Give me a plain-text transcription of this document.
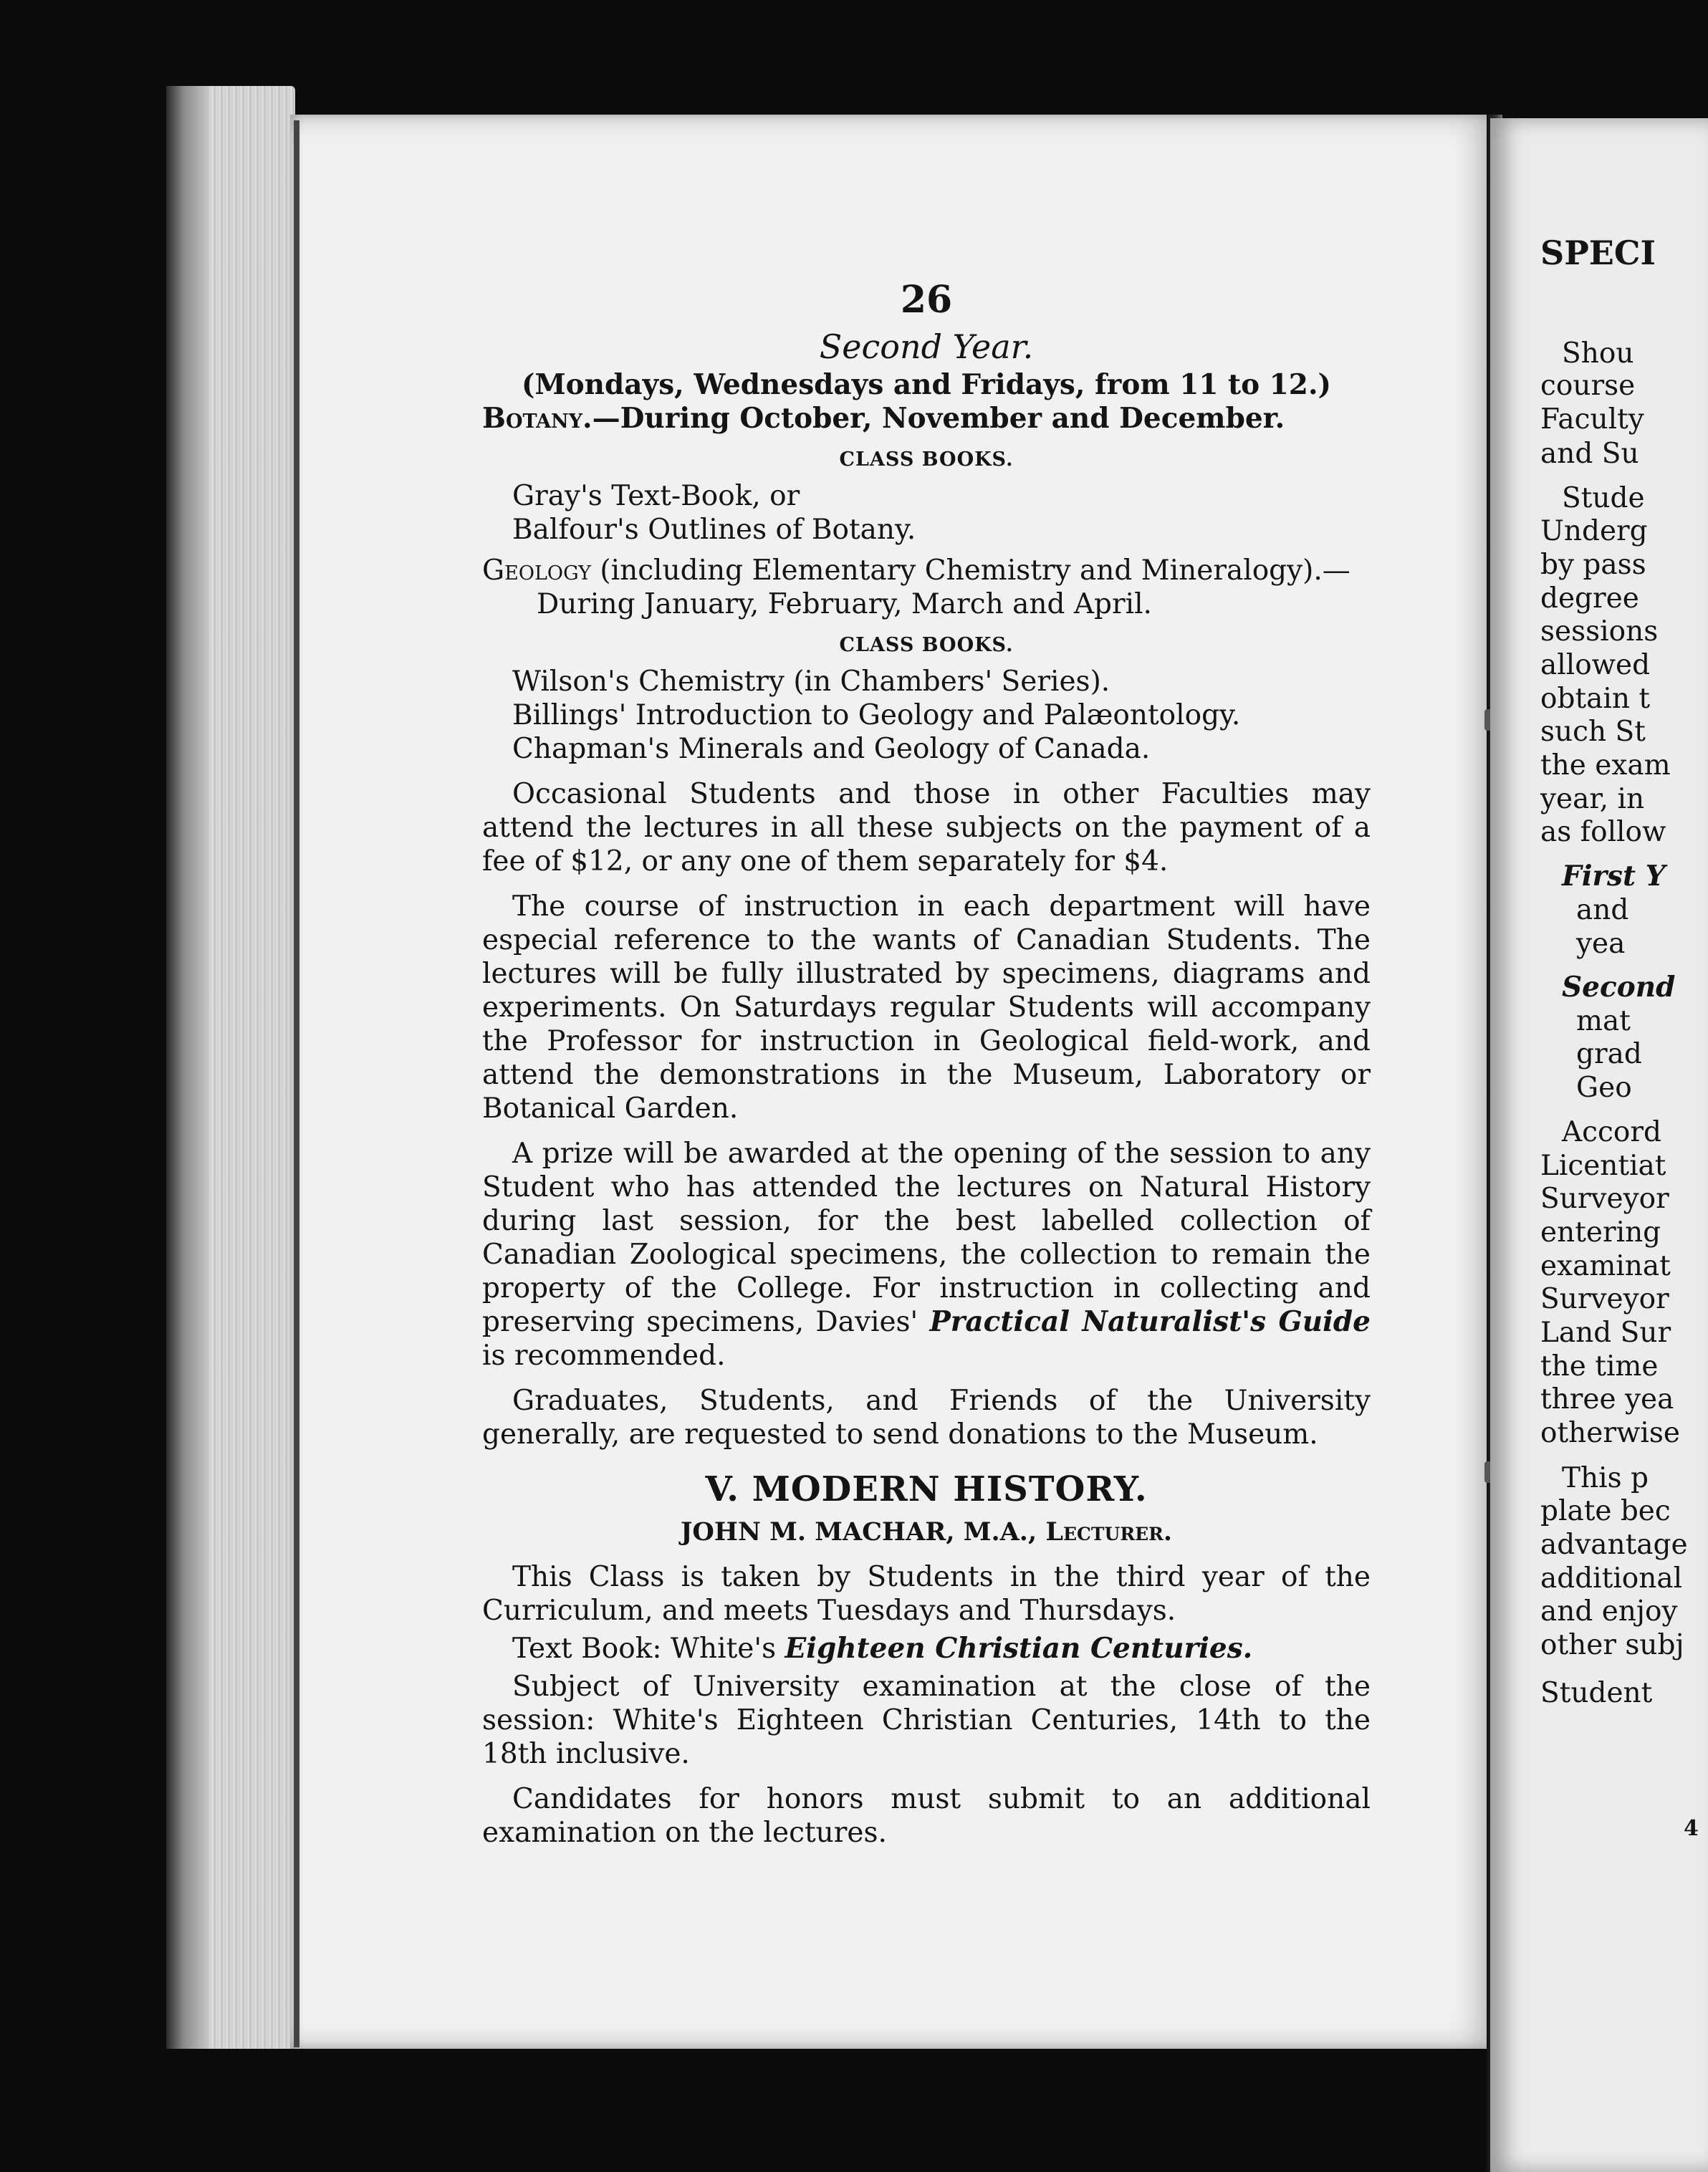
SPECI
Shou
course
Faculty
and Su
Stude
Underg
by pass
degree
sessions
allowed
obtain t
such St
the exam
year, in
as follow
First Y
and
yea
Second
mat
grad
Geo
Accord
Licentiat
Surveyor
entering
examinat
Surveyor
Land Sur
the time
three yea
otherwise
This p
plate bec
advantage
additional
and enjoy
other subj
Student
4
26
Second Year.
(Mondays, Wednesdays and Fridays, from 11 to 12.)
Botany.—During October, November and December.
CLASS BOOKS.
Gray's Text-Book, or
Balfour's Outlines of Botany.
Geology (including Elementary Chemistry and Mineralogy).—During January, February, March and April.
CLASS BOOKS.
Wilson's Chemistry (in Chambers' Series).
Billings' Introduction to Geology and Palæontology.
Chapman's Minerals and Geology of Canada.

Occasional Students and those in other Faculties may attend the lectures in all these subjects on the payment of a fee of $12, or any one of them separately for $4.

The course of instruction in each department will have especial reference to the wants of Canadian Students. The lectures will be fully illustrated by specimens, diagrams and experiments. On Saturdays regular Students will accompany the Professor for instruction in Geological field-work, and attend the demonstrations in the Museum, Laboratory or Botanical Garden.

A prize will be awarded at the opening of the session to any Student who has attended the lectures on Natural History during last session, for the best labelled collection of Canadian Zoological specimens, the collection to remain the property of the College. For instruction in collecting and preserving specimens, Davies' Practical Naturalist's Guide is recommended.

Graduates, Students, and Friends of the University generally, are requested to send donations to the Museum.

V. MODERN HISTORY.
JOHN M. MACHAR, M.A., Lecturer.

This Class is taken by Students in the third year of the Curriculum, and meets Tuesdays and Thursdays.

Text Book: White's Eighteen Christian Centuries.

Subject of University examination at the close of the session: White's Eighteen Christian Centuries, 14th to the 18th inclusive.

Candidates for honors must submit to an additional examination on the lectures.
